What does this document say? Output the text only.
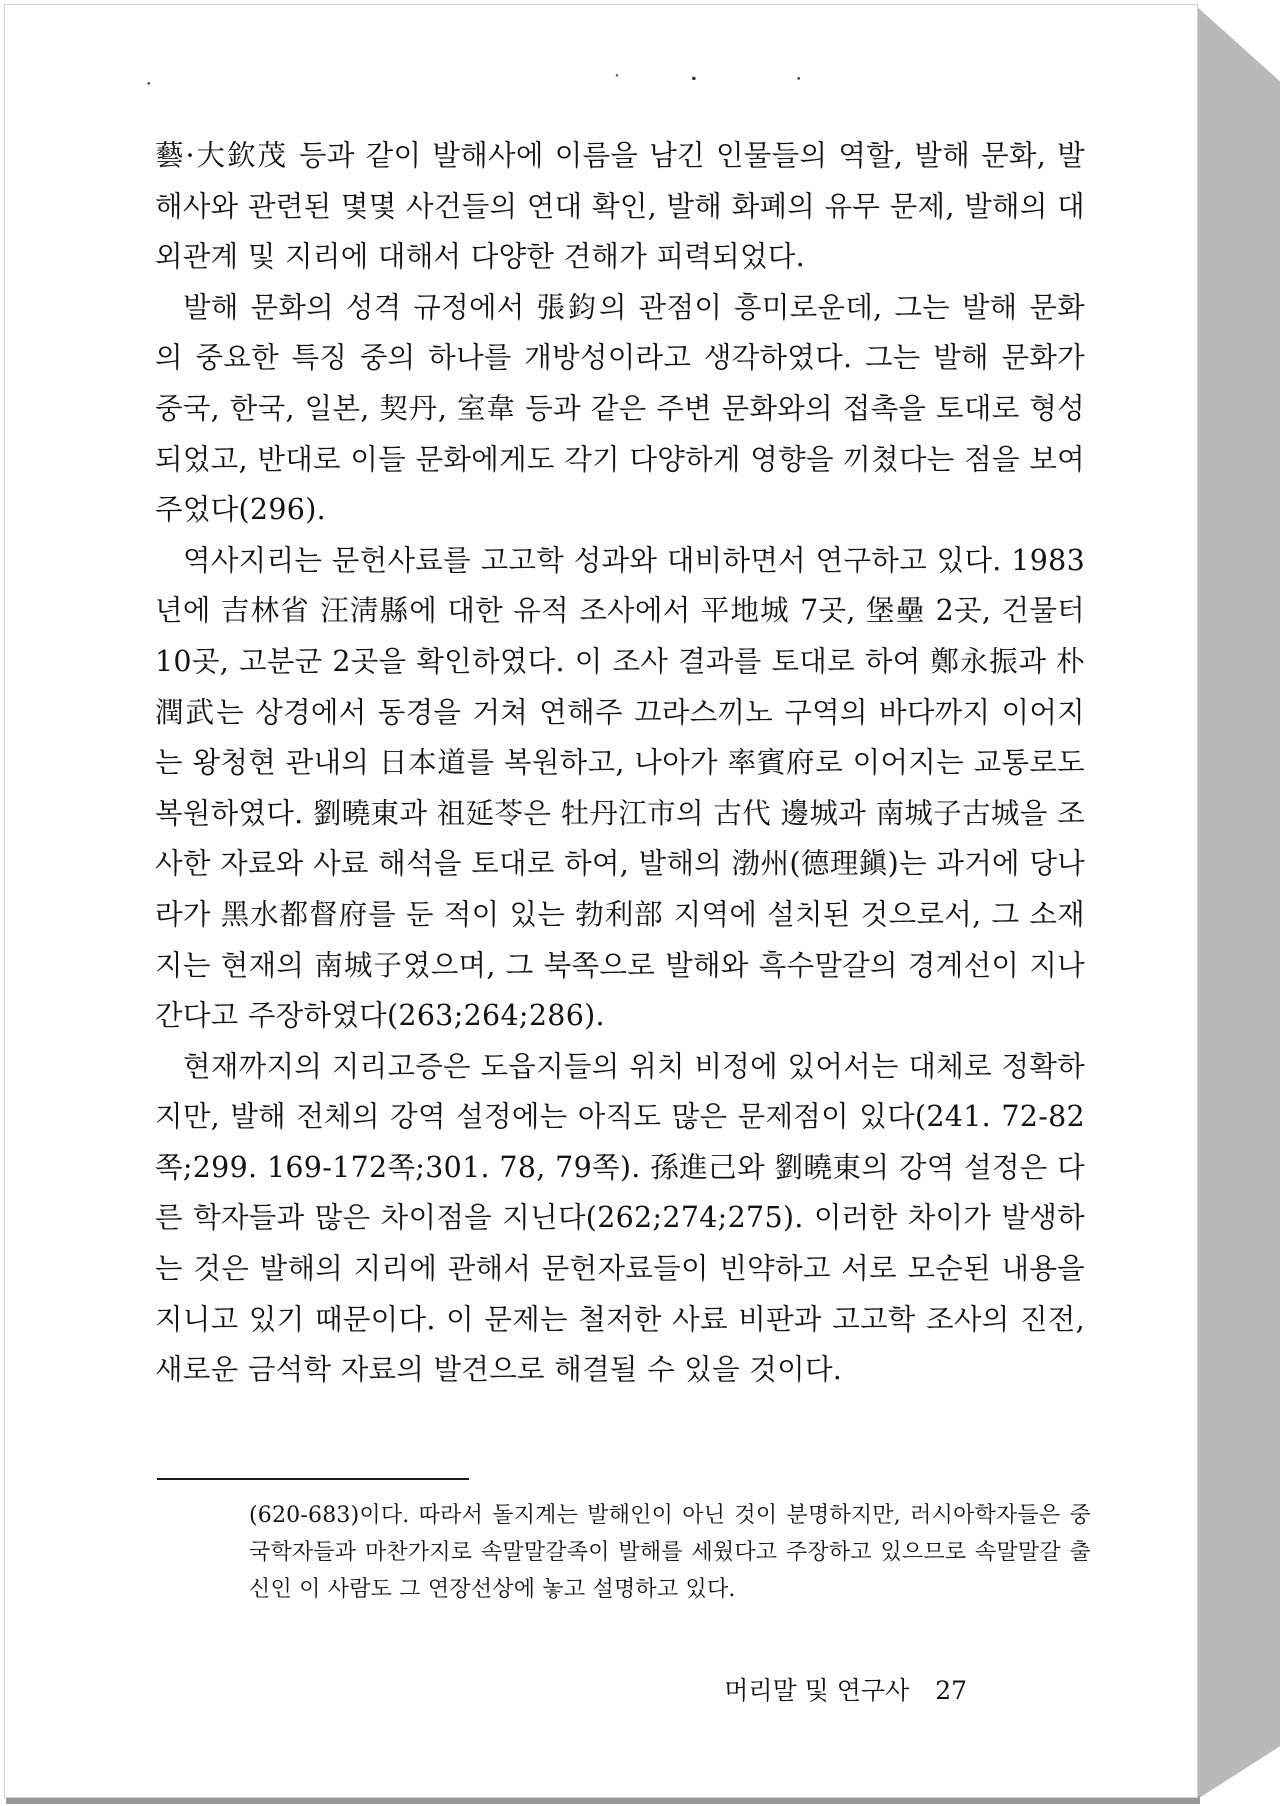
藝·大欽茂 등과 같이 발해사에 이름을 남긴 인물들의 역할, 발해 문화, 발해사와 관련된 몇몇 사건들의 연대 확인, 발해 화폐의 유무 문제, 발해의 대외관계 및 지리에 대해서 다양한 견해가 피력되었다.

발해 문화의 성격 규정에서 張鈞의 관점이 흥미로운데, 그는 발해 문화의 중요한 특징 중의 하나를 개방성이라고 생각하였다. 그는 발해 문화가 중국, 한국, 일본, 契丹, 室韋 등과 같은 주변 문화와의 접촉을 토대로 형성되었고, 반대로 이들 문화에게도 각기 다양하게 영향을 끼쳤다는 점을 보여 주었다(296).

역사지리는 문헌사료를 고고학 성과와 대비하면서 연구하고 있다. 1983년에 吉林省 汪淸縣에 대한 유적 조사에서 平地城 7곳, 堡壘 2곳, 건물터 10곳, 고분군 2곳을 확인하였다. 이 조사 결과를 토대로 하여 鄭永振과 朴潤武는 상경에서 동경을 거쳐 연해주 끄라스끼노 구역의 바다까지 이어지는 왕청현 관내의 日本道를 복원하고, 나아가 率賓府로 이어지는 교통로도 복원하였다. 劉曉東과 祖延苓은 牡丹江市의 古代 邊城과 南城子古城을 조사한 자료와 사료 해석을 토대로 하여, 발해의 渤州(德理鎭)는 과거에 당나라가 黑水都督府를 둔 적이 있는 勃利部 지역에 설치된 것으로서, 그 소재지는 현재의 南城子였으며, 그 북쪽으로 발해와 흑수말갈의 경계선이 지나간다고 주장하였다(263;264;286).

현재까지의 지리고증은 도읍지들의 위치 비정에 있어서는 대체로 정확하지만, 발해 전체의 강역 설정에는 아직도 많은 문제점이 있다(241. 72-82쪽;299. 169-172쪽;301. 78, 79쪽). 孫進己와 劉曉東의 강역 설정은 다른 학자들과 많은 차이점을 지닌다(262;274;275). 이러한 차이가 발생하는 것은 발해의 지리에 관해서 문헌자료들이 빈약하고 서로 모순된 내용을 지니고 있기 때문이다. 이 문제는 철저한 사료 비판과 고고학 조사의 진전, 새로운 금석학 자료의 발견으로 해결될 수 있을 것이다.

(620-683)이다. 따라서 돌지계는 발해인이 아닌 것이 분명하지만, 러시아학자들은 중국학자들과 마찬가지로 속말말갈족이 발해를 세웠다고 주장하고 있으므로 속말말갈 출신인 이 사람도 그 연장선상에 놓고 설명하고 있다.
머리말 및 연구사 27
